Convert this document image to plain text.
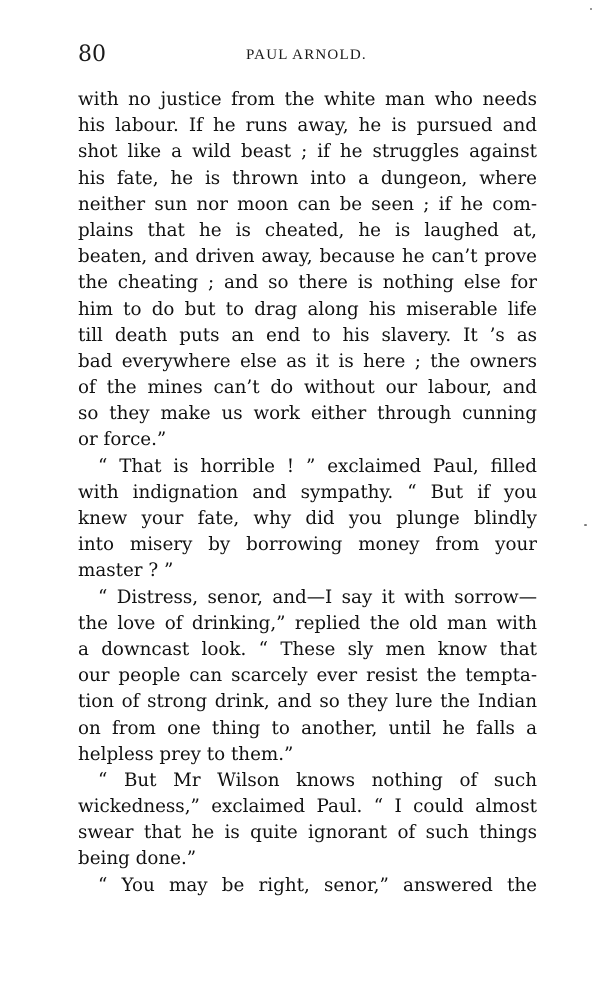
80	PAUL ARNOLD.
with no justice from the white man who needs
his labour. If he runs away, he is pursued and
shot like a wild beast ; if he struggles against
his fate, he is thrown into a dungeon, where
neither sun nor moon can be seen ; if he com-
plains that he is cheated, he is laughed at,
beaten, and driven away, because he can’t prove
the cheating ; and so there is nothing else for
him to do but to drag along his miserable life
till death puts an end to his slavery. It ’s as
bad everywhere else as it is here ; the owners
of the mines can’t do without our labour, and
so they make us work either through cunning
or force.”
“ That is horrible ! ” exclaimed Paul, filled
with indignation and sympathy. “ But if you
knew your fate, why did you plunge blindly
into misery by borrowing money from your
master ? ”
“ Distress, senor, and—I say it with sorrow—
the love of drinking,” replied the old man with
a downcast look. “ These sly men know that
our people can scarcely ever resist the tempta-
tion of strong drink, and so they lure the Indian
on from one thing to another, until he falls a
helpless prey to them.”
“ But Mr Wilson knows nothing of such
wickedness,” exclaimed Paul. “ I could almost
swear that he is quite ignorant of such things
being done.”
“ You may be right, senor,” answered the
